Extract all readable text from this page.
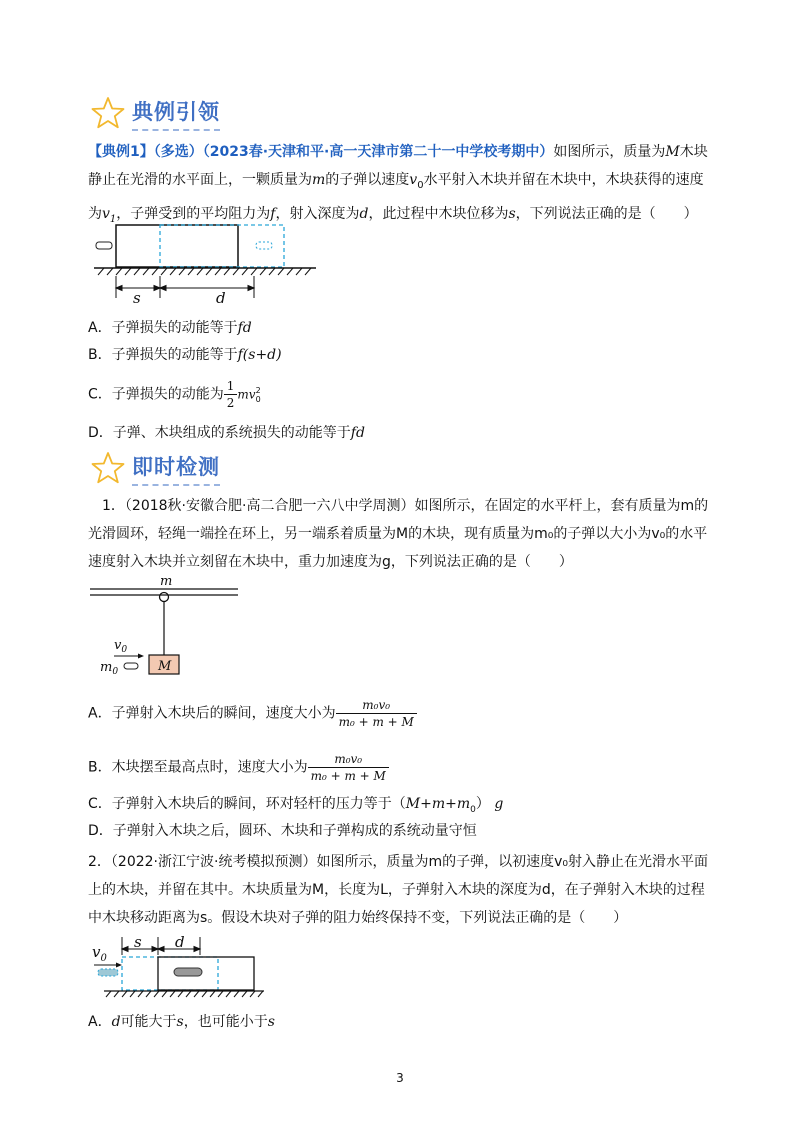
典例引领
【典例1】（多选）（2023春·天津和平·高一天津市第二十一中学校考期中）如图所示，质量为M木块静止在光滑的水平面上，一颗质量为m的子弹以速度$v_0$水平射入木块并留在木块中，木块获得的速度为$v_1$，子弹受到的平均阻力为f，射入深度为d，此过程中木块位移为s，下列说法正确的是（　　）
s	d
A．子弹损失的动能等于fd
B．子弹损失的动能等于f(s+d)
C．子弹损失的动能为 $\frac{1}{2}$ mv 2
0
D．子弹、木块组成的系统损失的动能等于fd
即时检测
1．（2018秋·安徽合肥·高二合肥一六八中学周测）如图所示，在固定的水平杆上，套有质量为m的光滑圆环，轻绳一端拴在环上，另一端系着质量为M的木块，现有质量为m₀的子弹以大小为v₀的水平速度射入木块并立刻留在木块中，重力加速度为g，下列说法正确的是（　　）
m
M
$v_0$
$m_0$
A．子弹射入木块后的瞬间，速度大小为 $\frac{\text{m₀v₀}}{\text{m₀ + m + M}}$
B．木块摆至最高点时，速度大小为 $\frac{\text{m₀v₀}}{\text{m₀ + m + M}}$
C．子弹射入木块后的瞬间，环对轻杆的压力等于$(M+m+m_0)$ g
D．子弹射入木块之后，圆环、木块和子弹构成的系统动量守恒
2．（2022·浙江宁波·统考模拟预测）如图所示，质量为m的子弹，以初速度v₀射入静止在光滑水平面上的木块，并留在其中。木块质量为M，长度为L，子弹射入木块的深度为d，在子弹射入木块的过程中木块移动距离为s。假设木块对子弹的阻力始终保持不变，下列说法正确的是（　　）
$v_0$
s d
A．d可能大于s，也可能小于s
3
